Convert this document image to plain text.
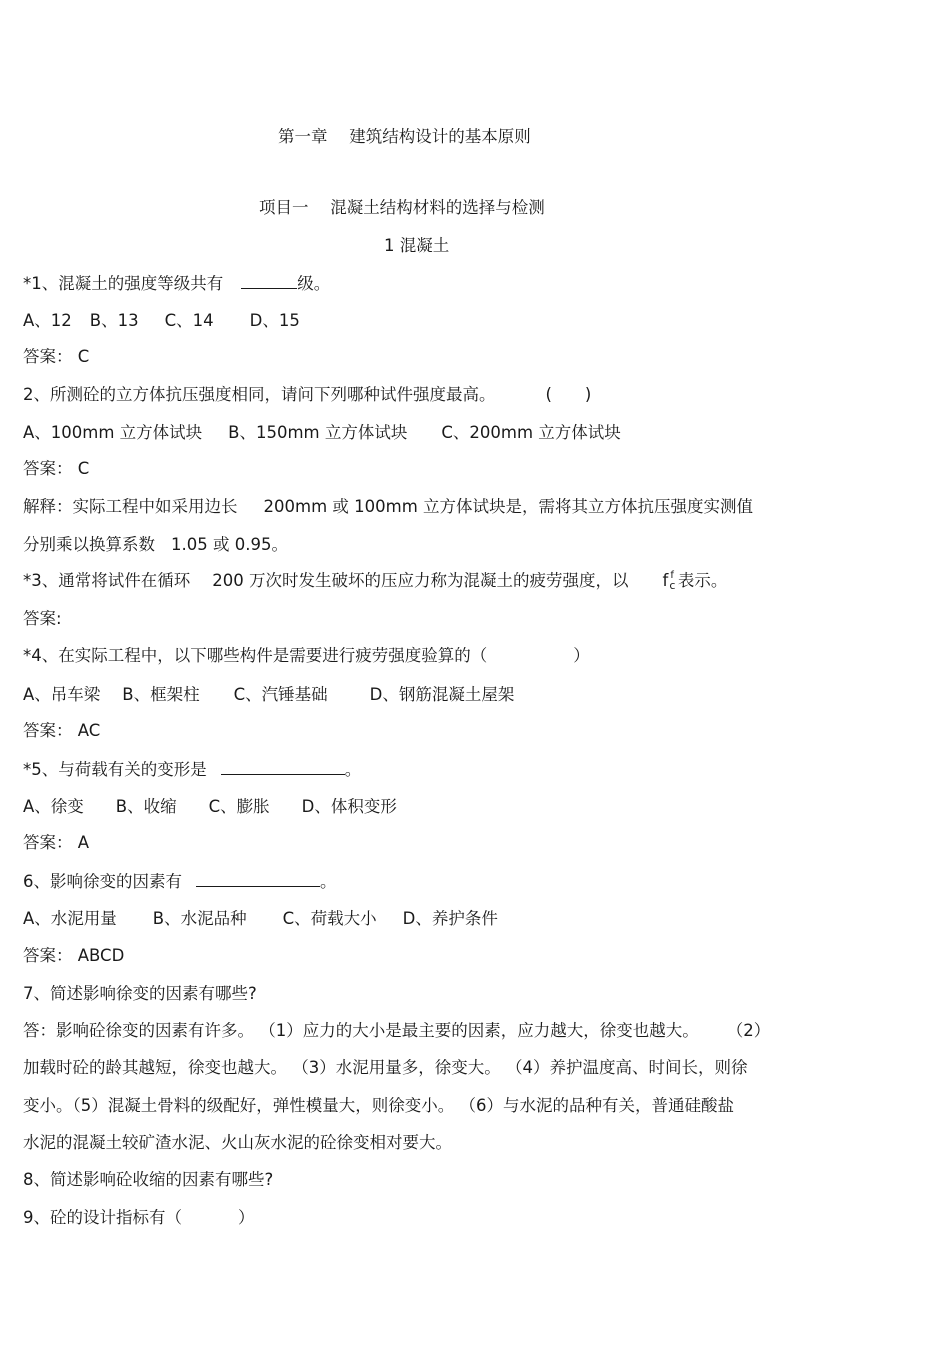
第一章　 建筑结构设计的基本原则
项目一　 混凝土结构材料的选择与检测
1 混凝土
*1、混凝土的强度等级共有	级。
A、12 B、13 C、14 D、15
答案： C
2、所测砼的立方体抗压强度相同，请问下列哪种试件强度最高。	(　　)
A、100mm 立方体试块 B、150mm 立方体试块 C、200mm 立方体试块
答案： C
解释：实际工程中如采用边长 200mm 或 100mm 立方体试块是，需将其立方体抗压强度实测值
分别乘以换算系数 1.05 或 0.95。
*3、通常将试件在循环 200 万次时发生破坏的压应力称为混凝土的疲劳强度，以 $fc^f$ 表示。
答案:
*4、在实际工程中，以下哪些构件是需要进行疲劳强度验算的（	）
A、吊车梁 B、框架柱 C、汽锤基础	D、钢筋混凝土屋架
答案： AC
*5、与荷载有关的变形是	。
A、徐变 B、收缩 C、膨胀 D、体积变形
答案： A
6、影响徐变的因素有	。
A、水泥用量 B、水泥品种 C、荷载大小 D、养护条件
答案： ABCD
7、简述影响徐变的因素有哪些?
答：影响砼徐变的因素有许多。 （1）应力的大小是最主要的因素，应力越大，徐变也越大。 （2）
加载时砼的龄其越短，徐变也越大。 （3）水泥用量多，徐变大。 （4）养护温度高、时间长，则徐
变小。（5）混凝土骨料的级配好，弹性模量大，则徐变小。 （6）与水泥的品种有关，普通硅酸盐
水泥的混凝土较矿渣水泥、火山灰水泥的砼徐变相对要大。
8、简述影响砼收缩的因素有哪些?
9、砼的设计指标有（	）
